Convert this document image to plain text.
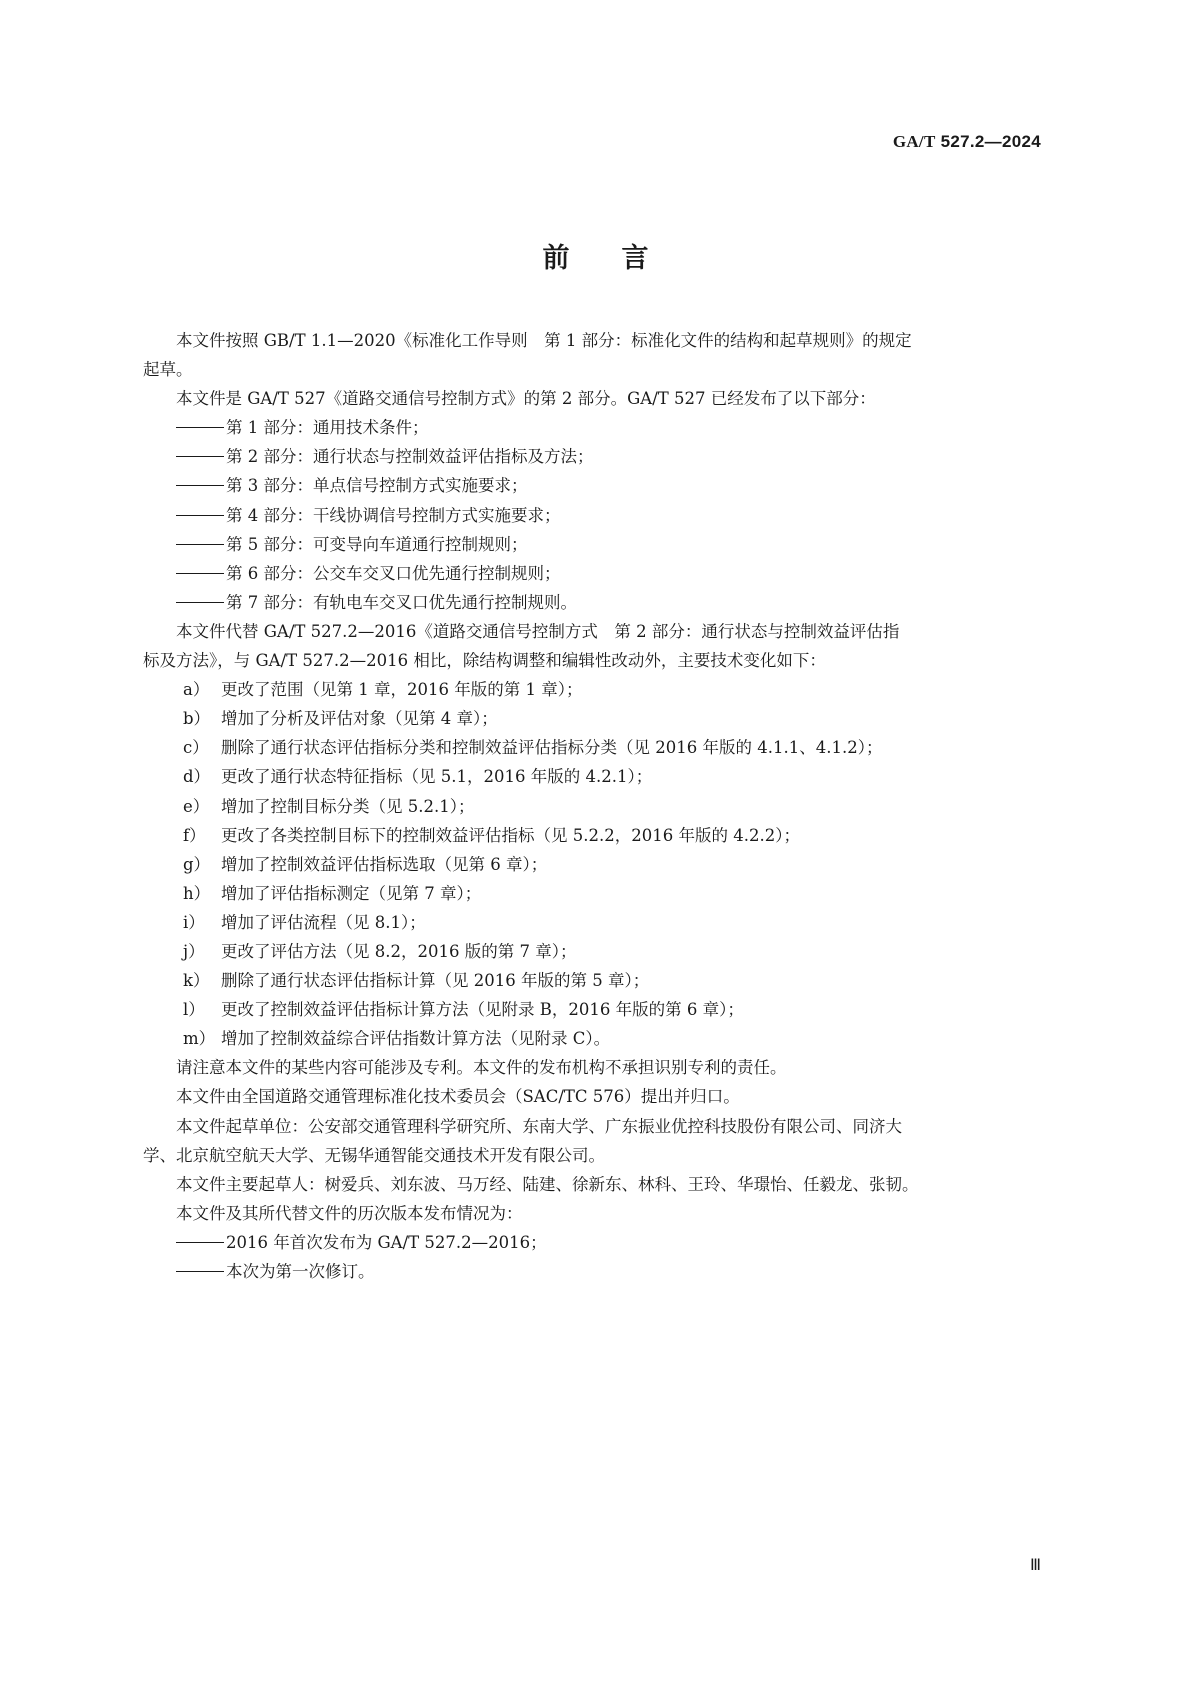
GA/T 527.2—2024
前言

本文件按照 GB/T 1.1—2020《标准化工作导则　第 1 部分：标准化文件的结构和起草规则》的规定

起草。

本文件是 GA/T 527《道路交通信号控制方式》的第 2 部分。GA/T 527 已经发布了以下部分：

第 1 部分：通用技术条件；

第 2 部分：通行状态与控制效益评估指标及方法；

第 3 部分：单点信号控制方式实施要求；

第 4 部分：干线协调信号控制方式实施要求；

第 5 部分：可变导向车道通行控制规则；

第 6 部分：公交车交叉口优先通行控制规则；

第 7 部分：有轨电车交叉口优先通行控制规则。

本文件代替 GA/T 527.2—2016《道路交通信号控制方式　第 2 部分：通行状态与控制效益评估指

标及方法》，与 GA/T 527.2—2016 相比，除结构调整和编辑性改动外，主要技术变化如下：

a） 更改了范围（见第 1 章，2016 年版的第 1 章）；

b） 增加了分析及评估对象（见第 4 章）；

c） 删除了通行状态评估指标分类和控制效益评估指标分类（见 2016 年版的 4.1.1、4.1.2）；

d） 更改了通行状态特征指标（见 5.1，2016 年版的 4.2.1）；

e） 增加了控制目标分类（见 5.2.1）；

f） 更改了各类控制目标下的控制效益评估指标（见 5.2.2，2016 年版的 4.2.2）；

g） 增加了控制效益评估指标选取（见第 6 章）；

h） 增加了评估指标测定（见第 7 章）；

i） 增加了评估流程（见 8.1）；

j） 更改了评估方法（见 8.2，2016 版的第 7 章）；

k） 删除了通行状态评估指标计算（见 2016 年版的第 5 章）；

l） 更改了控制效益评估指标计算方法（见附录 B，2016 年版的第 6 章）；

m） 增加了控制效益综合评估指数计算方法（见附录 C）。

请注意本文件的某些内容可能涉及专利。本文件的发布机构不承担识别专利的责任。

本文件由全国道路交通管理标准化技术委员会（SAC/TC 576）提出并归口。

本文件起草单位：公安部交通管理科学研究所、东南大学、广东振业优控科技股份有限公司、同济大

学、北京航空航天大学、无锡华通智能交通技术开发有限公司。

本文件主要起草人：树爱兵、刘东波、马万经、陆建、徐新东、林科、王玲、华璟怡、任毅龙、张韧。

本文件及其所代替文件的历次版本发布情况为：

2016 年首次发布为 GA/T 527.2—2016；

本次为第一次修订。

Ⅲ
